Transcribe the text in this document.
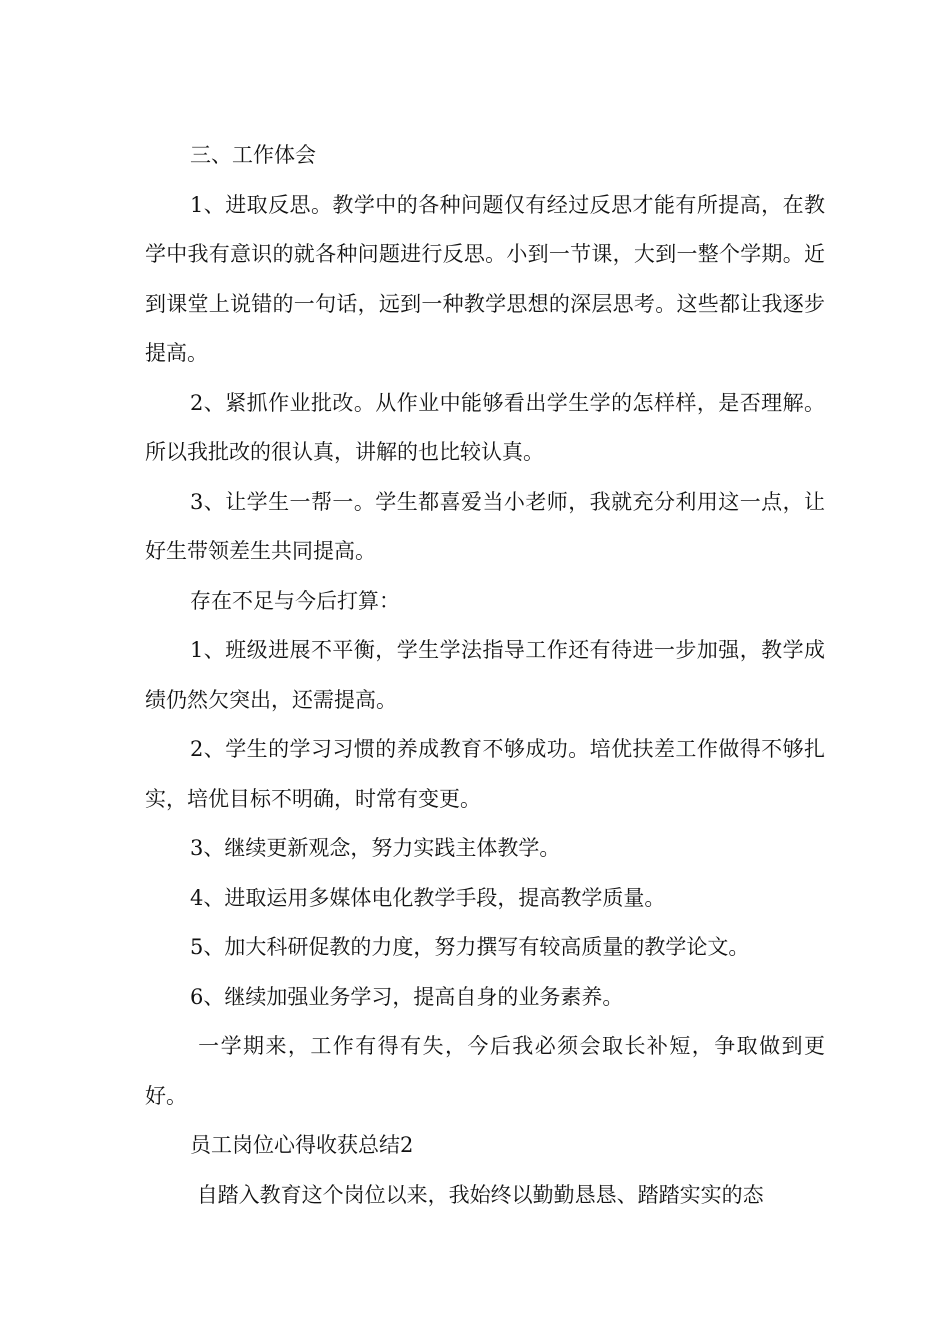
三、工作体会

1、进取反思。教学中的各种问题仅有经过反思才能有所提高，在教学中我有意识的就各种问题进行反思。小到一节课，大到一整个学期。近到课堂上说错的一句话，远到一种教学思想的深层思考。这些都让我逐步提高。

2、紧抓作业批改。从作业中能够看出学生学的怎样样，是否理解。所以我批改的很认真，讲解的也比较认真。

3、让学生一帮一。学生都喜爱当小老师，我就充分利用这一点，让好生带领差生共同提高。

存在不足与今后打算：

1、班级进展不平衡，学生学法指导工作还有待进一步加强，教学成绩仍然欠突出，还需提高。

2、学生的学习习惯的养成教育不够成功。培优扶差工作做得不够扎实，培优目标不明确，时常有变更。

3、继续更新观念，努力实践主体教学。

4、进取运用多媒体电化教学手段，提高教学质量。

5、加大科研促教的力度，努力撰写有较高质量的教学论文。

6、继续加强业务学习，提高自身的业务素养。

一学期来，工作有得有失，今后我必须会取长补短，争取做到更好。

员工岗位心得收获总结2

自踏入教育这个岗位以来，我始终以勤勤恳恳、踏踏实实的态
